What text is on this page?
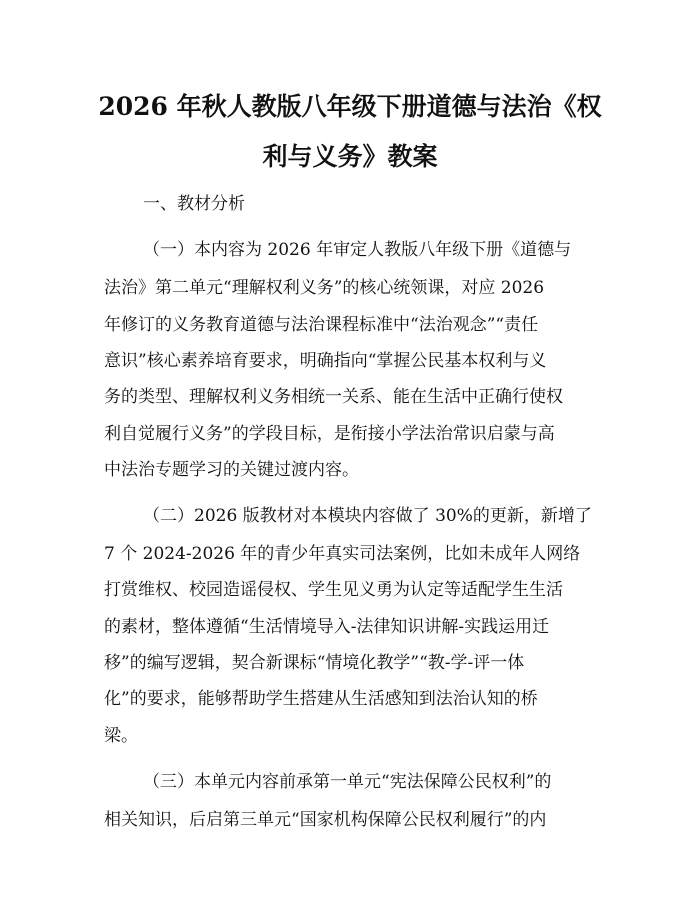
2026 年秋人教版八年级下册道德与法治《权
利与义务》教案
一、教材分析
（一）本内容为 2026 年审定人教版八年级下册《道德与
法治》第二单元“理解权利义务”的核心统领课，对应 2026
年修订的义务教育道德与法治课程标准中“法治观念”“责任
意识”核心素养培育要求，明确指向“掌握公民基本权利与义
务的类型、理解权利义务相统一关系、能在生活中正确行使权
利自觉履行义务”的学段目标，是衔接小学法治常识启蒙与高
中法治专题学习的关键过渡内容。
（二）2026 版教材对本模块内容做了 30%的更新，新增了
7 个 2024-2026 年的青少年真实司法案例，比如未成年人网络
打赏维权、校园造谣侵权、学生见义勇为认定等适配学生生活
的素材，整体遵循“生活情境导入-法律知识讲解-实践运用迁
移”的编写逻辑，契合新课标“情境化教学”“教-学-评一体
化”的要求，能够帮助学生搭建从生活感知到法治认知的桥
梁。
（三）本单元内容前承第一单元“宪法保障公民权利”的
相关知识，后启第三单元“国家机构保障公民权利履行”的内
